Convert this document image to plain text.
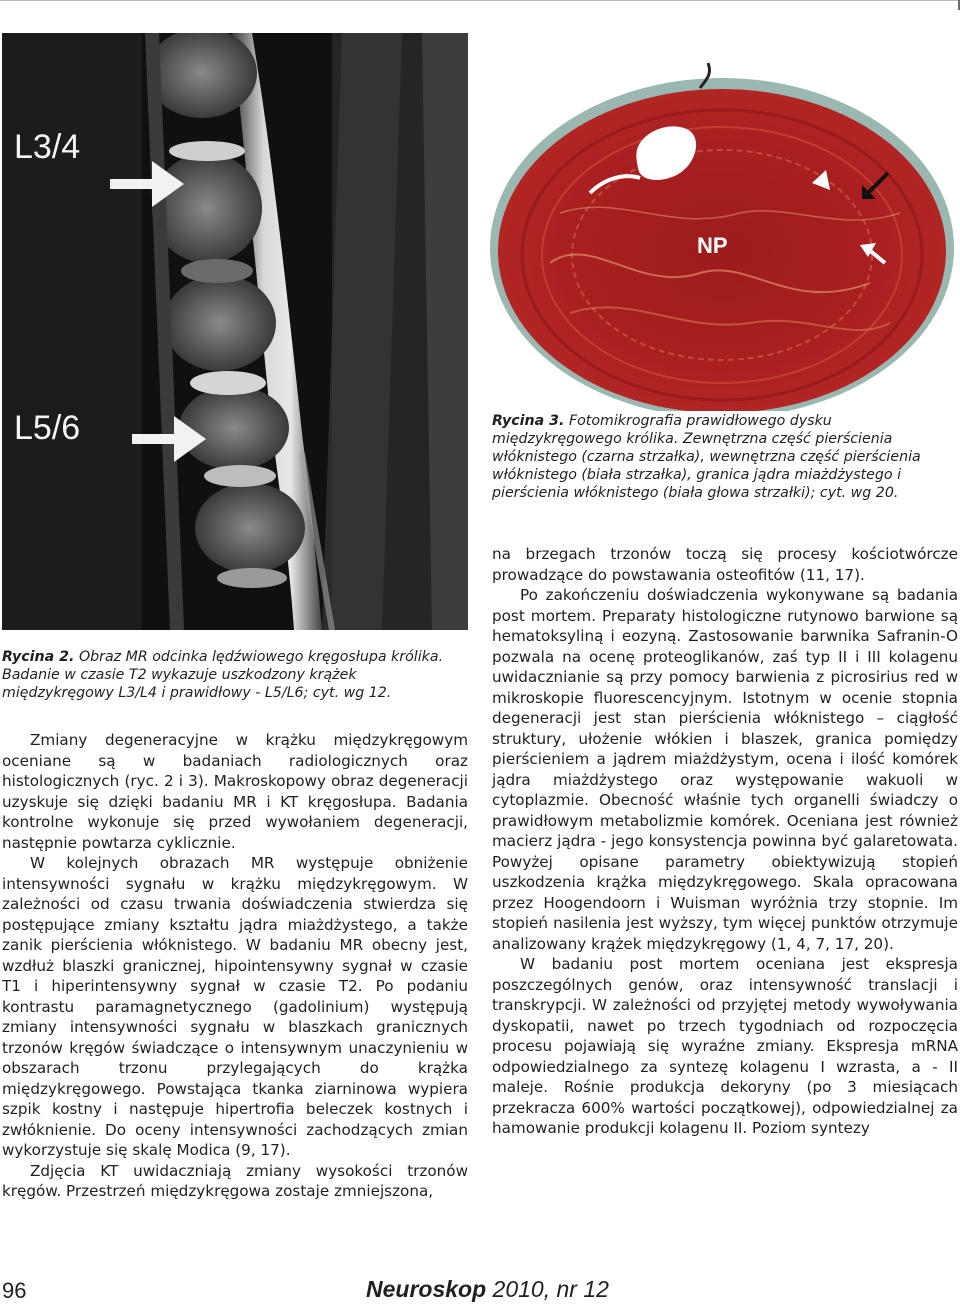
L3/4
L5/6
NP

Rycina 3. Fotomikrografia prawidłowego dysku międzykręgowego królika. Zewnętrzna część pierścienia włóknistego (czarna strzałka), wewnętrzna część pierścienia włóknistego (biała strzałka), granica jądra miażdżystego i pierścienia włóknistego (biała głowa strzałki); cyt. wg 20.

Rycina 2. Obraz MR odcinka lędźwiowego kręgosłupa królika. Badanie w czasie T2 wykazuje uszkodzony krążek międzykręgowy L3/L4 i prawidłowy - L5/L6; cyt. wg 12.

Zmiany degeneracyjne w krążku międzykręgowym oceniane są w badaniach radiologicznych oraz histologicznych (ryc. 2 i 3). Makroskopowy obraz degeneracji uzyskuje się dzięki badaniu MR i KT kręgosłupa. Badania kontrolne wykonuje się przed wywołaniem degeneracji, następnie powtarza cyklicznie.

W kolejnych obrazach MR występuje obniżenie intensywności sygnału w krążku międzykręgowym. W zależności od czasu trwania doświadczenia stwierdza się postępujące zmiany kształtu jądra miażdżystego, a także zanik pierścienia włóknistego. W badaniu MR obecny jest, wzdłuż blaszki granicznej, hipointensywny sygnał w czasie T1 i hiperintensywny sygnał w czasie T2. Po podaniu kontrastu paramagnetycznego (gadolinium) występują zmiany intensywności sygnału w blaszkach granicznych trzonów kręgów świadczące o intensywnym unaczynieniu w obszarach trzonu przylegających do krążka międzykręgowego. Powstająca tkanka ziarninowa wypiera szpik kostny i następuje hipertrofia beleczek kostnych i zwłóknienie. Do oceny intensywności zachodzących zmian wykorzystuje się skalę Modica (9, 17).

Zdjęcia KT uwidaczniają zmiany wysokości trzonów kręgów. Przestrzeń międzykręgowa zostaje zmniejszona,

na brzegach trzonów toczą się procesy kościotwórcze prowadzące do powstawania osteofitów (11, 17).

Po zakończeniu doświadczenia wykonywane są badania post mortem. Preparaty histologiczne rutynowo barwione są hematoksyliną i eozyną. Zastosowanie barwnika Safranin-O pozwala na ocenę proteoglikanów, zaś typ II i III kolagenu uwidacznianie są przy pomocy barwienia z picrosirius red w mikroskopie fluorescencyjnym. Istotnym w ocenie stopnia degeneracji jest stan pierścienia włóknistego – ciągłość struktury, ułożenie włókien i blaszek, granica pomiędzy pierścieniem a jądrem miażdżystym, ocena i ilość komórek jądra miażdżystego oraz występowanie wakuoli w cytoplazmie. Obecność właśnie tych organelli świadczy o prawidłowym metabolizmie komórek. Oceniana jest również macierz jądra - jego konsystencja powinna być galaretowata. Powyżej opisane parametry obiektywizują stopień uszkodzenia krążka międzykręgowego. Skala opracowana przez Hoogendoorn i Wuisman wyróżnia trzy stopnie. Im stopień nasilenia jest wyższy, tym więcej punktów otrzymuje analizowany krążek międzykręgowy (1, 4, 7, 17, 20).

W badaniu post mortem oceniana jest ekspresja poszczególnych genów, oraz intensywność translacji i transkrypcji. W zależności od przyjętej metody wywoływania dyskopatii, nawet po trzech tygodniach od rozpoczęcia procesu pojawiają się wyraźne zmiany. Ekspresja mRNA odpowiedzialnego za syntezę kolagenu I wzrasta, a - II maleje. Rośnie produkcja dekoryny (po 3 miesiącach przekracza 600% wartości początkowej), odpowiedzialnej za hamowanie produkcji kolagenu II. Poziom syntezy

96	Neuroskop 2010, nr 12
